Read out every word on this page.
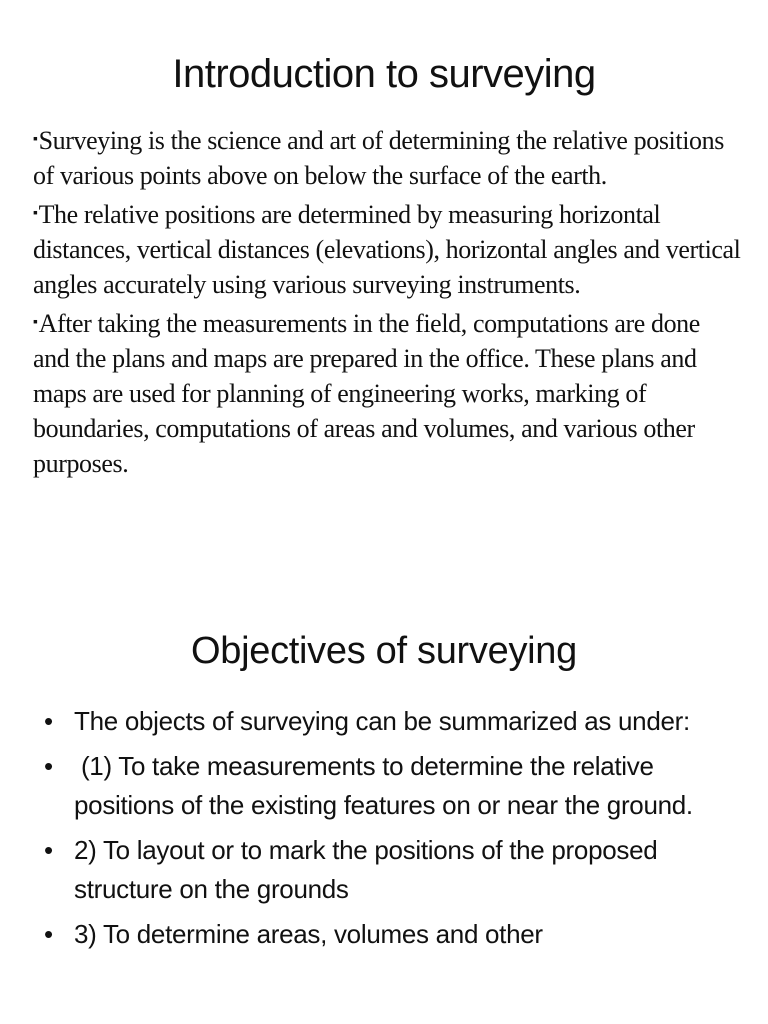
Introduction to surveying
▪Surveying is the science and art of determining the relative positions of various points above on below the surface of the earth.
▪The relative positions are determined by measuring horizontal distances, vertical distances (elevations), horizontal angles and vertical angles accurately using various surveying instruments.
▪After taking the measurements in the field, computations are done and the plans and maps are prepared in the office. These plans and maps are used for planning of engineering works, marking of boundaries, computations of areas and volumes, and various other purposes.
Objectives of surveying
• The objects of surveying can be summarized as under:
• (1) To take measurements to determine the relative positions of the existing features on or near the ground.
• 2) To layout or to mark the positions of the proposed structure on the grounds
• 3) To determine areas, volumes and other
